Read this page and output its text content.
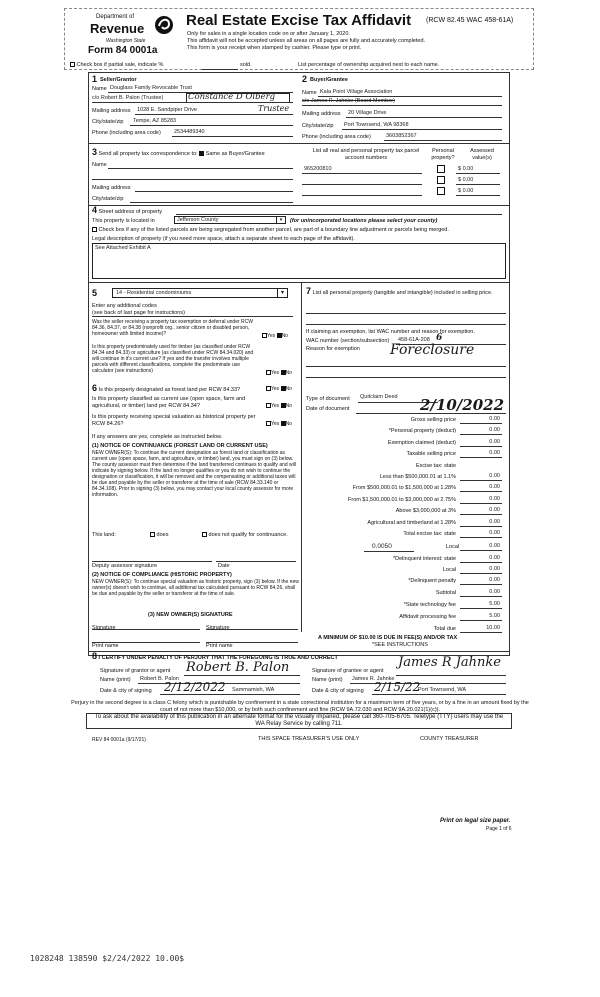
Department of
Revenue
Washington State
Form 84 0001a
Real Estate Excise Tax Affidavit (RCW 82.45 WAC 458-61A)
Only for sales in a single location code on or after January 1, 2020.
This affidavit will not be accepted unless all areas on all pages are fully and accurately completed.
This form is your receipt when stamped by cashier. Please type or print.
Check box if partial sale, indicate %	sold.	List percentage of ownership acquired next to each name.
1 Seller/Grantor
Name Douglass Family Revocable Trust
c/o Robert B. Palon (Trustee)	Constance D Olberg
Mailing address 1028 E. Sandpiper Drive	Trustee
City/state/zip Tempe, AZ 85283
Phone (including area code) 2534489340
2 Buyer/Grantee
Name Kala Point Village Association
c/o James R. Jahnke (Board Member)
Mailing address 20 Village Drive
City/state/zip Port Townsend, WA 98368
Phone (including area code)	3603852367
3 Send all property tax correspondence to: Same as Buyer/Grantee
Name
Mailing address
City/state/zip
List all real and personal property tax parcel account numbers
Personal property?
Assessed value(s)
965200810	$ 0.00
$ 0.00
$ 0.00
4 Street address of property
This property is located in	Jefferson County	▾	(for unincorporated locations please select your county)
Check box if any of the listed parcels are being segregated from another parcel, are part of a boundary line adjustment or parcels being merged.
Legal description of property (if you need more space, attach a separate sheet to each page of the affidavit).
See Attached Exhibit A
5	14 - Residential condominiums	▾
Enter any additional codes
(see back of last page for instructions)
Was the seller receiving a property tax exemption or deferral under RCW 84.36, 84.37, or 84.38 (nonprofit org., senior citizen or disabled person, homeowner with limited income)?	Yes No
Is this property predominately used for timber (as classified under RCW 84.34 and 84.33) or agriculture (as classified under RCW 84.34.020) and will continue in it's current use? If yes and the transfer involves multiple parcels with different classifications, complete the predominate use calculator (see instructions)	Yes No
6 Is this property designated as forest land per RCW 84.33?	Yes No
Is this property classified as current use (open space, farm and agricultural, or timber) land per RCW 84.34?	Yes No
Is this property receiving special valuation as historical property per RCW 84.26?	Yes No
If any answers are yes, complete as instructed below.
(1) NOTICE OF CONTINUANCE (FOREST LAND OR CURRENT USE)
NEW OWNER(S): To continue the current designation as forest land or classification as current use (open space, farm, and agriculture, or timber) land, you must sign on (3) below. The county assessor must then determine if the land transferred continues to qualify and will indicate by signing below. If the land no longer qualifies or you do not wish to continue the designation or classification, it will be removed and the compensating or additional taxes will be due and payable by the seller or transferor at the time of sale (RCW 84.33.140 or 84.34.108). Prior to signing (3) below, you may contact your local county assessor for more information.
This land:	does	does not qualify for continuance.
Deputy assessor signature	Date
(2) NOTICE OF COMPLIANCE (HISTORIC PROPERTY)
NEW OWNER(S): To continue special valuation as historic property, sign (3) below. If the new owner(s) doesn't wish to continue, all additional tax calculated pursuant to RCW 84.26, shall be due and payable by the seller or transferor at the time of sale.
(3) NEW OWNER(S) SIGNATURE
Signature	Signature
Print name	Print name
7 List all personal property (tangible and intangible) included in selling price.
If claiming an exemption, list WAC number and reason for exemption.
WAC number (section/subsection) 458-61A-208 6
Reason for exemption Foreclosure
Type of document Quitclaim Deed
Date of document	2/10/2022
Gross selling price	0.00
*Personal property (deduct)	0.00
Exemption claimed (deduct)	0.00
Taxable selling price	0.00
Excise tax: state
Less than $500,000.01 at 1.1%	0.00
From $500,000.01 to $1,500,000 at 1.28%	0.00
From $1,500,000.01 to $3,000,000 at 2.75%	0.00
Above $3,000,000 at 3%	0.00
Agricultural and timberland at 1.28%	0.00
Total excise tax: state	0.00
0.0050	Local	0.00
*Delinquent interest: state	0.00
Local	0.00
*Delinquent penalty	0.00
Subtotal	0.00
*State technology fee	5.00
Affidavit processing fee	5.00
Total due	10.00
A MINIMUM OF $10.00 IS DUE IN FEE(S) AND/OR TAX
*SEE INSTRUCTIONS
8 I CERTIFY UNDER PENALTY OF PERJURY THAT THE FOREGOING IS TRUE AND CORRECT
Signature of grantor or agent Robert B. Palon
Name (print) Robert B. Palon
Date & city of signing 2/12/2022 Sammamish, WA
Signature of grantee or agent
James R Jahnke
Name (print) James R. Jahnke
Date & city of signing 2/15/22
Port Townsend, WA
Perjury in the second degree is a class C felony which is punishable by confinement in a state correctional institution for a maximum term of five years, or by a fine in an amount fixed by the court of not more than $10,000, or by both such confinement and fine (RCW 9A.72.030 and RCW 9A.20.021(1)(c)).
To ask about the availability of this publication in an alternate format for the visually impaired, please call 360-705-6705. Teletype (TTY) users may use the WA Relay Service by calling 711.
REV 84 0001a (9/17/21)	THIS SPACE TREASURER'S USE ONLY	COUNTY TREASURER
Print on legal size paper.
Page 1 of 6
1028248 138590 $2/24/2022 10.00$
